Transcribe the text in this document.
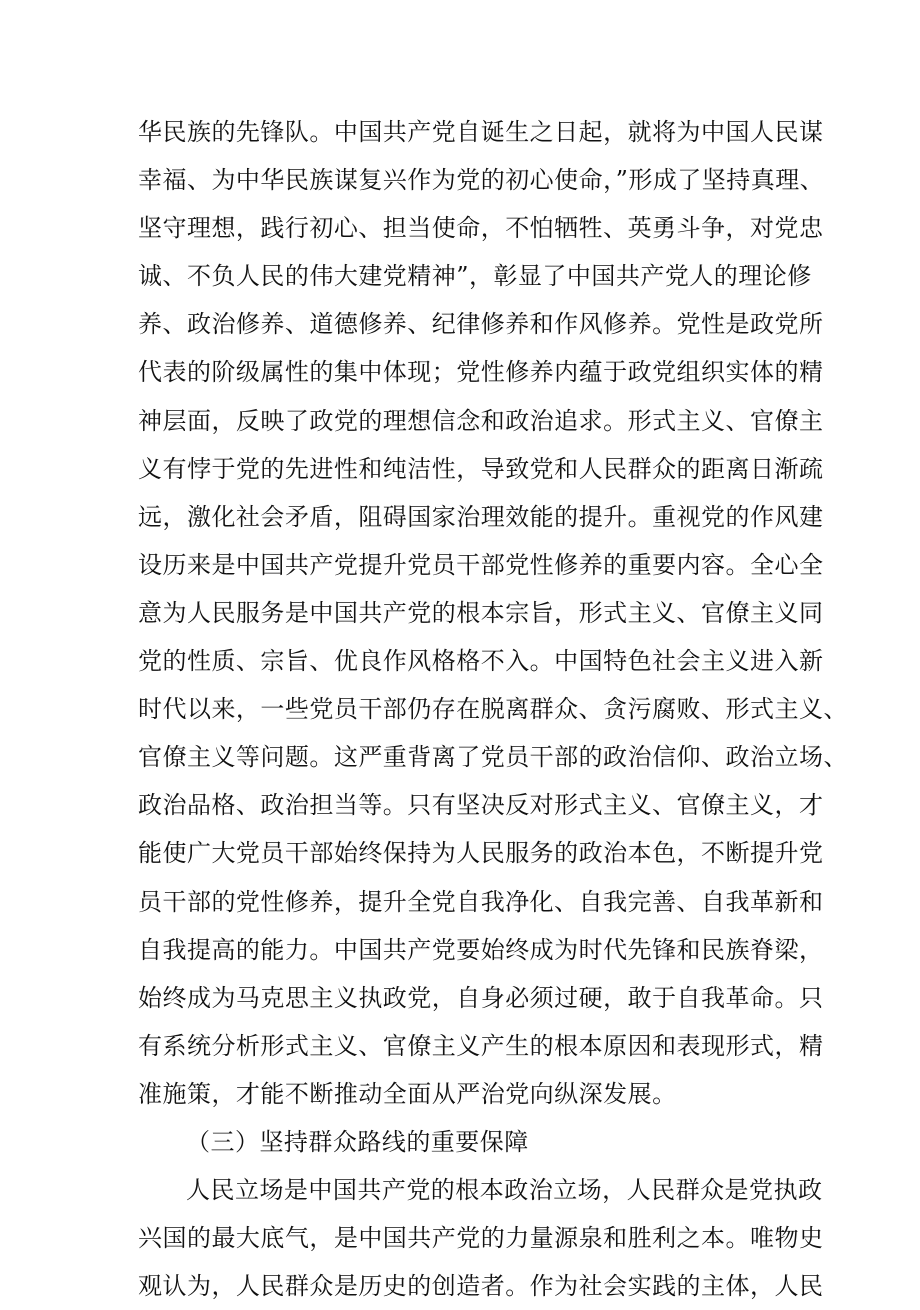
华民族的先锋队。中国共产党自诞生之日起，就将为中国人民谋
幸福、为中华民族谋复兴作为党的初心使命，”形成了坚持真理、
坚守理想，践行初心、担当使命，不怕牺牲、英勇斗争，对党忠
诚、不负人民的伟大建党精神”，彰显了中国共产党人的理论修
养、政治修养、道德修养、纪律修养和作风修养。党性是政党所
代表的阶级属性的集中体现；党性修养内蕴于政党组织实体的精
神层面，反映了政党的理想信念和政治追求。形式主义、官僚主
义有悖于党的先进性和纯洁性，导致党和人民群众的距离日渐疏
远，激化社会矛盾，阻碍国家治理效能的提升。重视党的作风建
设历来是中国共产党提升党员干部党性修养的重要内容。全心全
意为人民服务是中国共产党的根本宗旨，形式主义、官僚主义同
党的性质、宗旨、优良作风格格不入。中国特色社会主义进入新
时代以来，一些党员干部仍存在脱离群众、贪污腐败、形式主义、
官僚主义等问题。这严重背离了党员干部的政治信仰、政治立场、
政治品格、政治担当等。只有坚决反对形式主义、官僚主义，才
能使广大党员干部始终保持为人民服务的政治本色，不断提升党
员干部的党性修养，提升全党自我净化、自我完善、自我革新和
自我提高的能力。中国共产党要始终成为时代先锋和民族脊梁，
始终成为马克思主义执政党，自身必须过硬，敢于自我革命。只
有系统分析形式主义、官僚主义产生的根本原因和表现形式，精
准施策，才能不断推动全面从严治党向纵深发展。
（三）坚持群众路线的重要保障
人民立场是中国共产党的根本政治立场，人民群众是党执政
兴国的最大底气，是中国共产党的力量源泉和胜利之本。唯物史
观认为，人民群众是历史的创造者。作为社会实践的主体，人民
